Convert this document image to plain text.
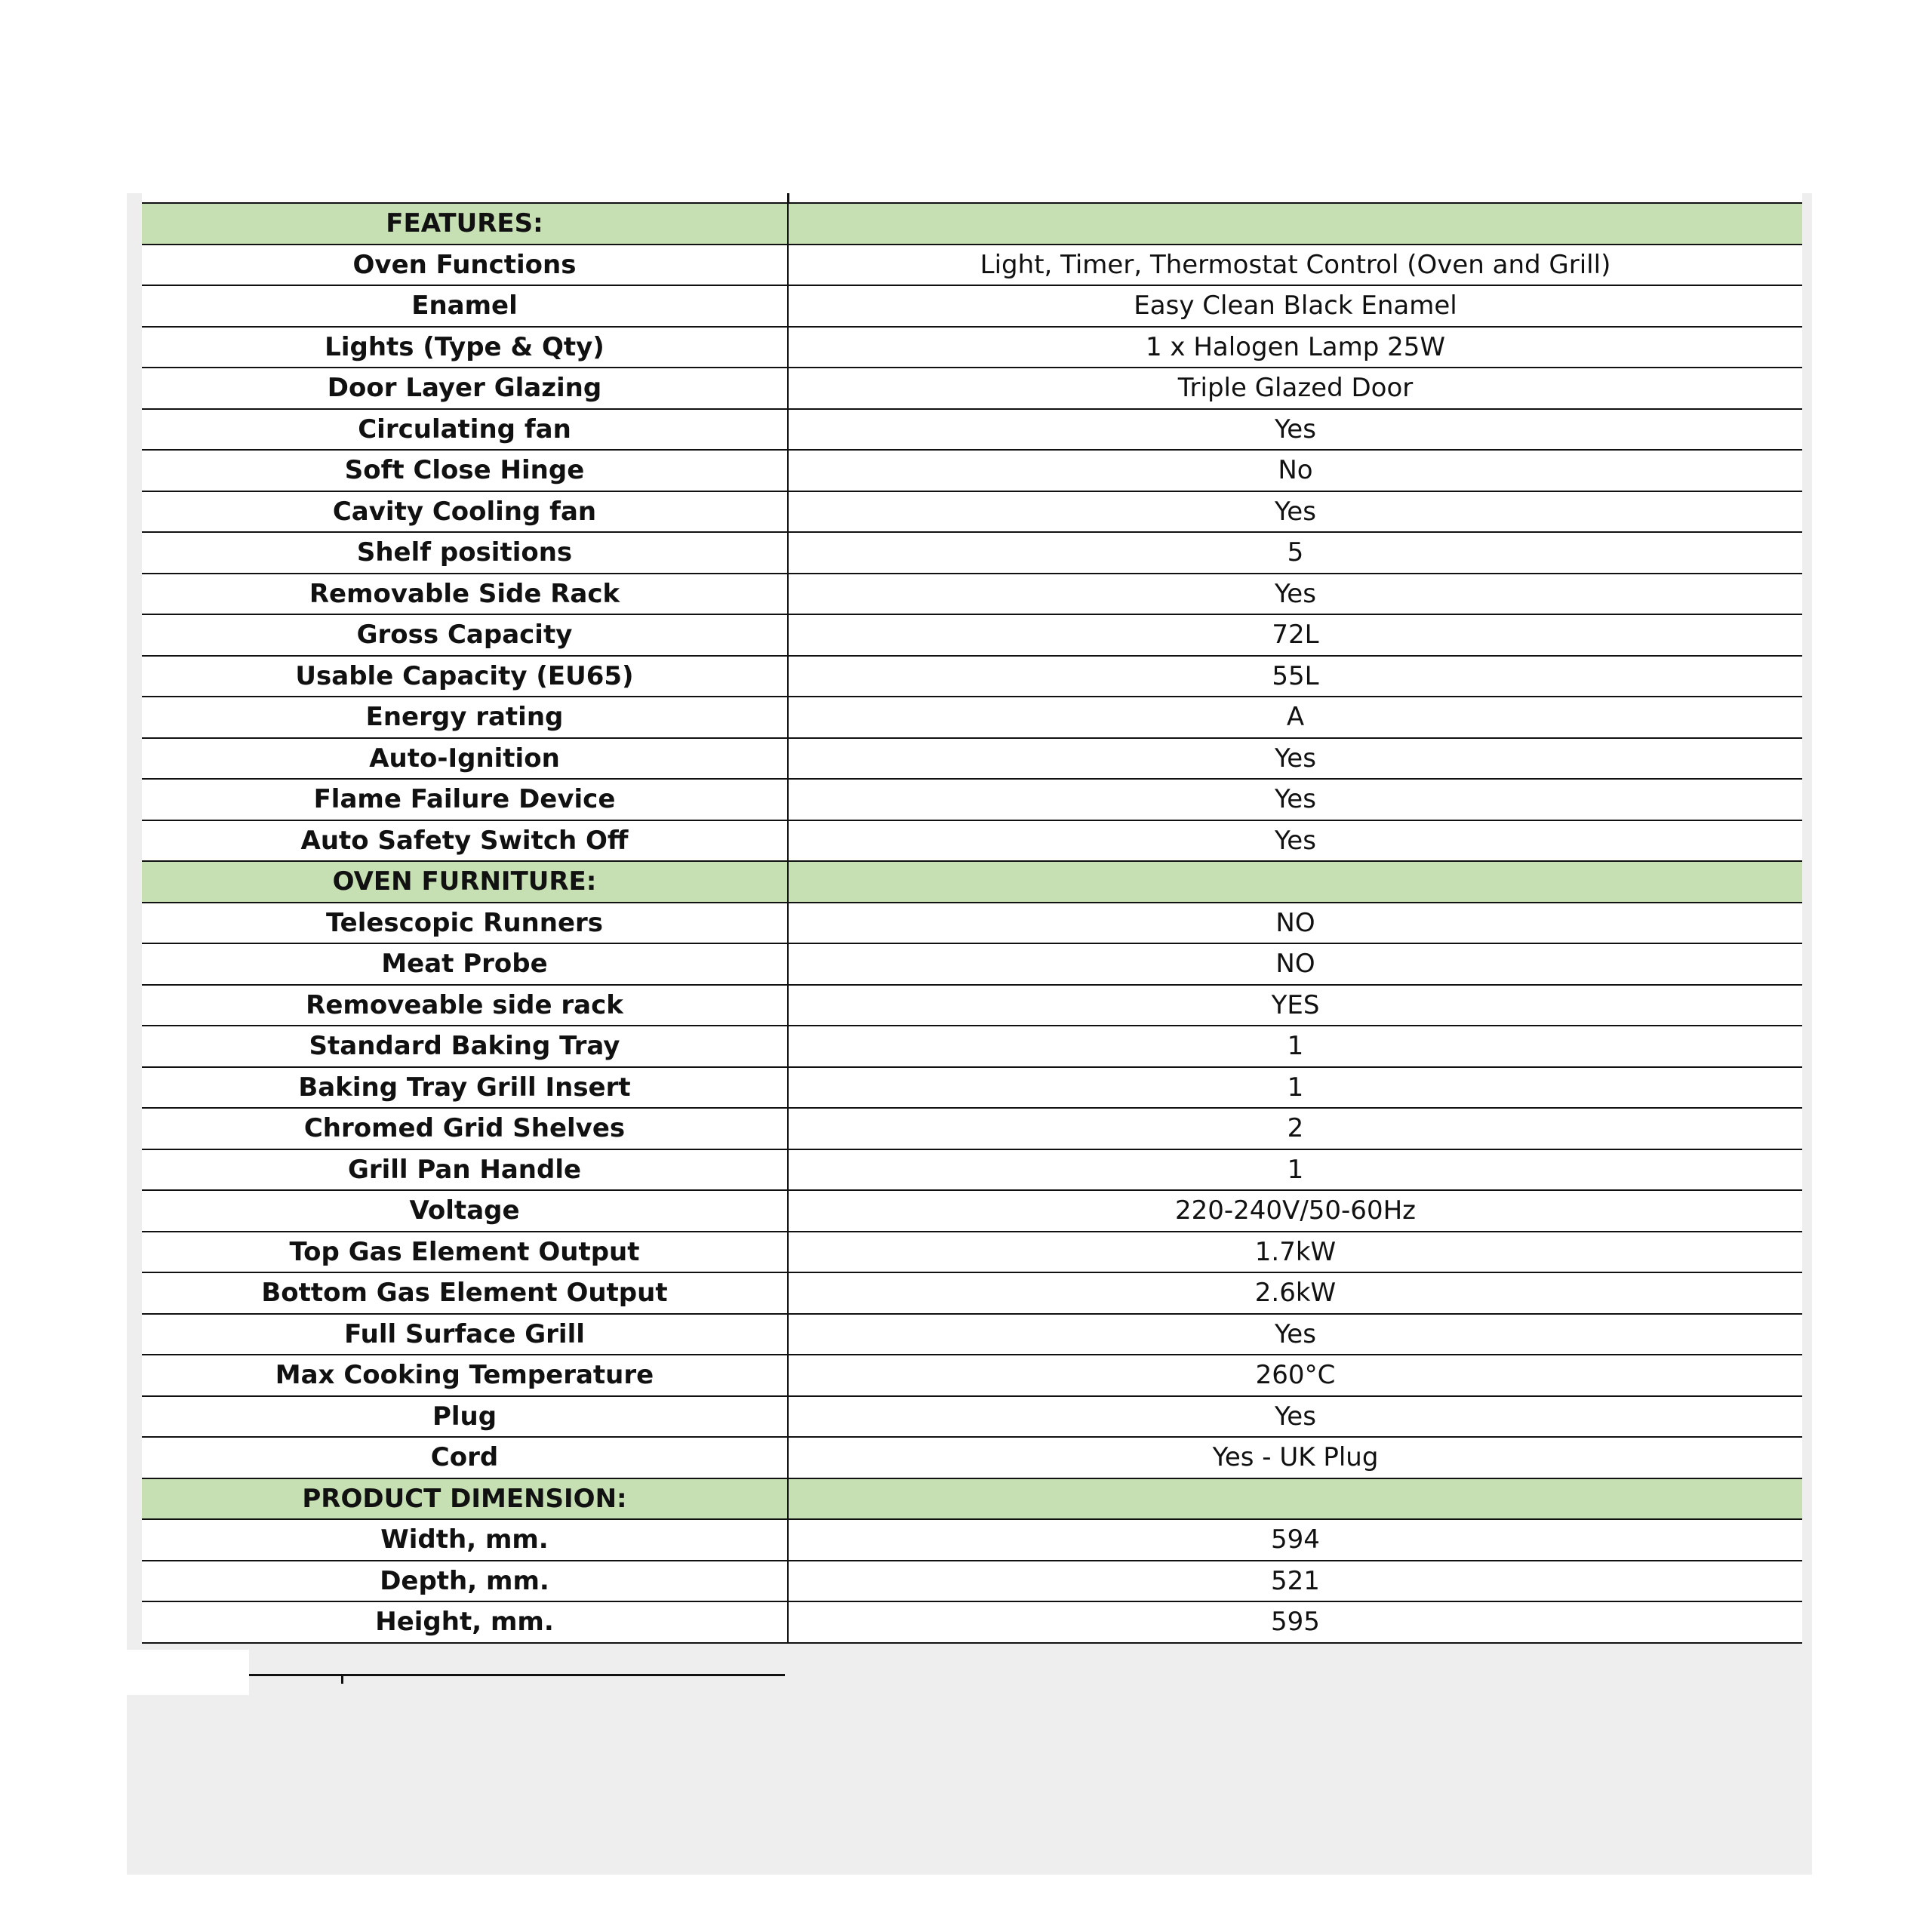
FEATURES:	
Oven Functions	Light, Timer, Thermostat Control (Oven and Grill)
Enamel	Easy Clean Black Enamel
Lights (Type & Qty)	1 x Halogen Lamp 25W
Door Layer Glazing	Triple Glazed Door
Circulating fan	Yes
Soft Close Hinge	No
Cavity Cooling fan	Yes
Shelf positions	5
Removable Side Rack	Yes
Gross Capacity	72L
Usable Capacity (EU65)	55L
Energy rating	A
Auto-Ignition	Yes
Flame Failure Device	Yes
Auto Safety Switch Off	Yes
OVEN FURNITURE:	
Telescopic Runners	NO
Meat Probe	NO
Removeable side rack	YES
Standard Baking Tray	1
Baking Tray Grill Insert	1
Chromed Grid Shelves	2
Grill Pan Handle	1
Voltage	220-240V/50-60Hz
Top Gas Element Output	1.7kW
Bottom Gas Element Output	2.6kW
Full Surface Grill	Yes
Max Cooking Temperature	260°C
Plug	Yes
Cord	Yes - UK Plug
PRODUCT DIMENSION:	
Width, mm.	594
Depth, mm.	521
Height, mm.	595
